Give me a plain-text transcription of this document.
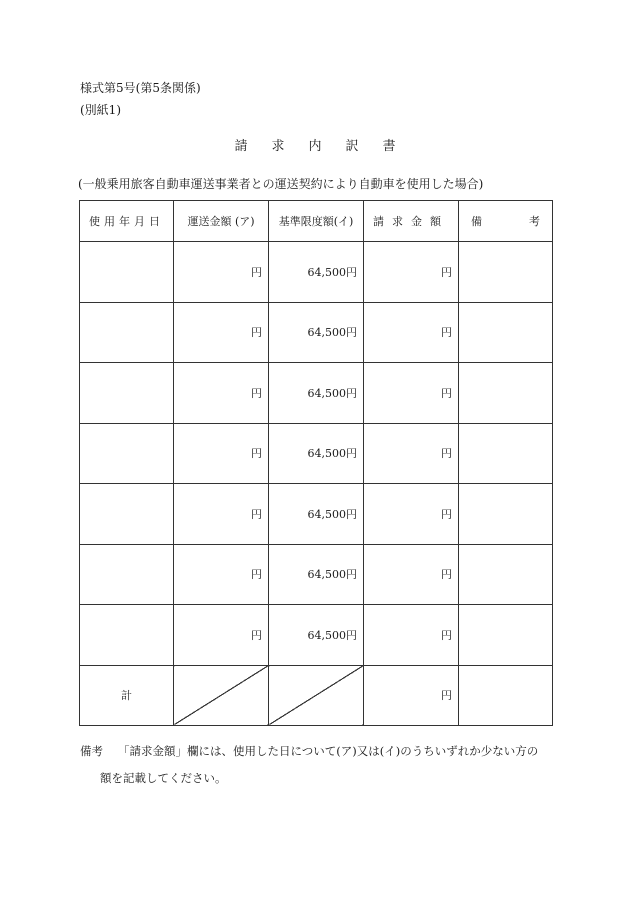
様式第5号(第5条関係)
(別紙1)
請求内訳書
(一般乗用旅客自動車運送事業者との運送契約により自動車を使用した場合)
使用年月日	運送金額 (ア)	基準限度額(イ)	請求金額	備 考

	円	64,500円	円	
	円	64,500円	円	
	円	64,500円	円	
	円	64,500円	円	
	円	64,500円	円	
	円	64,500円	円	
	円	64,500円	円	
計			円	
備考 「請求金額」欄には、使用した日について(ア)又は(イ)のうちいずれか少ない方の
額を記載してください。
